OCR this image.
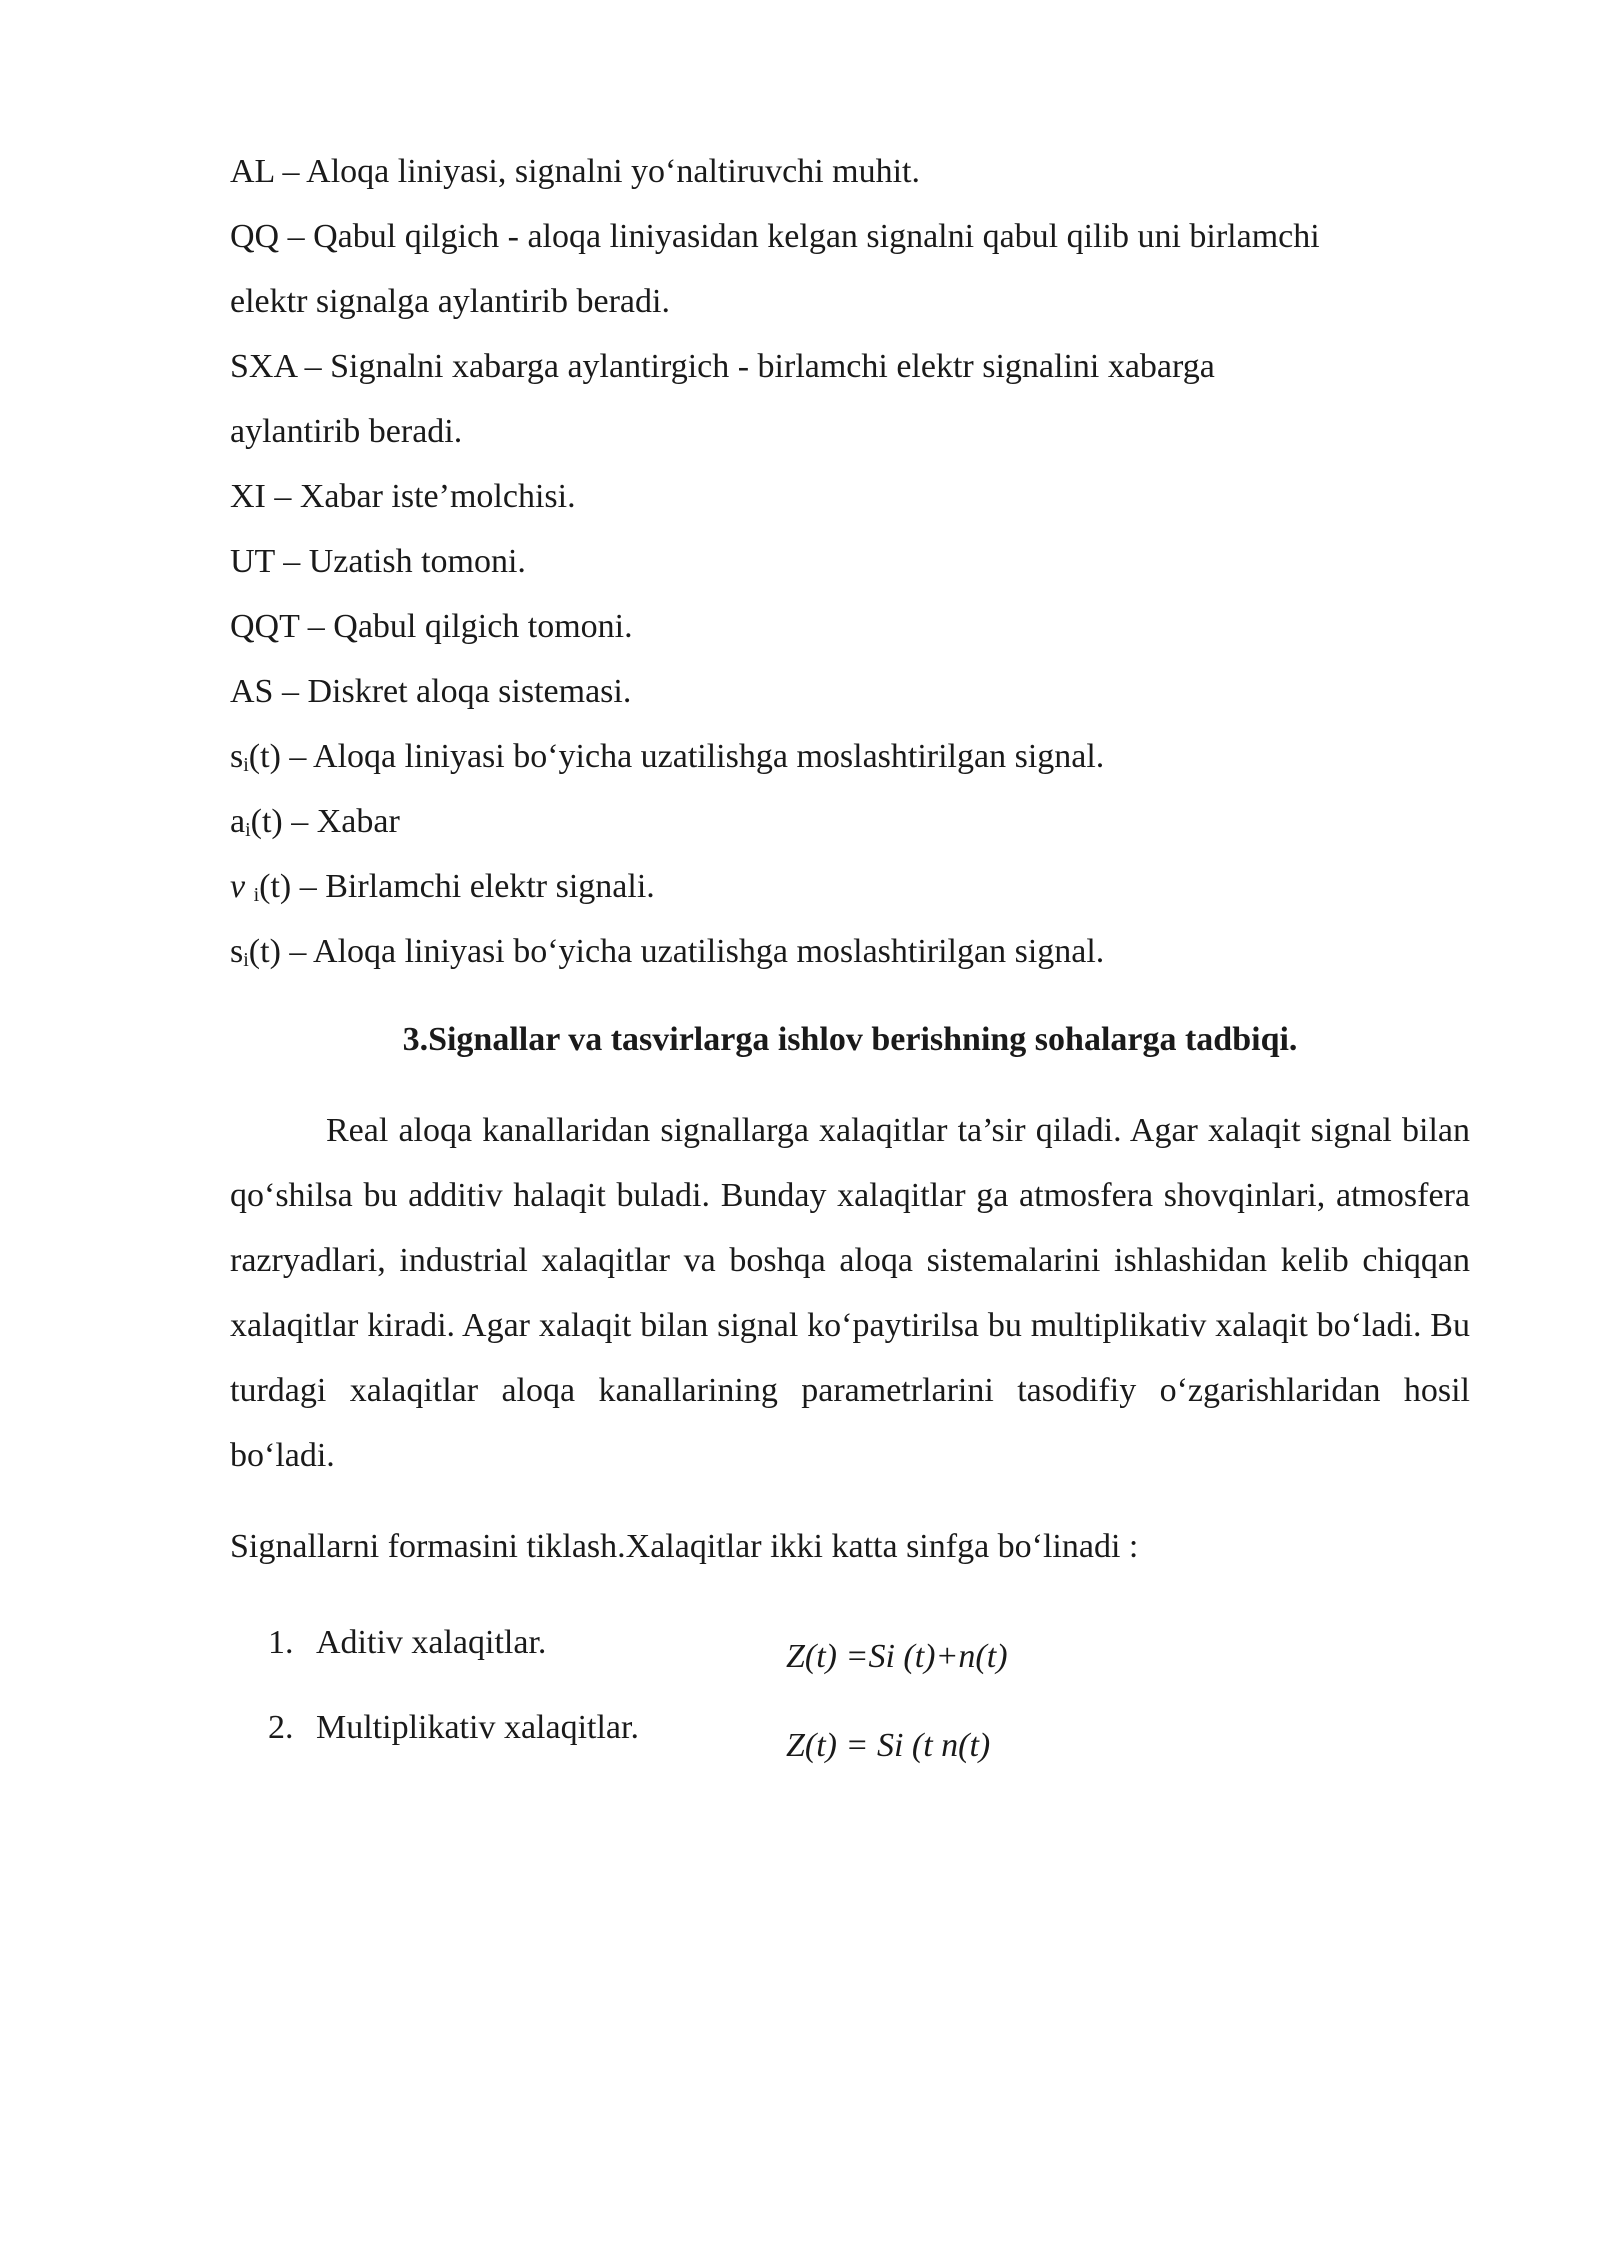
AL – Aloqa liniyasi, signalni yo‘naltiruvchi muhit.
QQ – Qabul qilgich - aloqa liniyasidan kelgan signalni qabul qilib uni birlamchi
elektr signalga aylantirib beradi.
SXA – Signalni xabarga aylantirgich - birlamchi elektr signalini xabarga
aylantirib beradi.
XI – Xabar iste’molchisi.
UT – Uzatish tomoni.
QQT – Qabul qilgich tomoni.
AS – Diskret aloqa sistemasi.
$s_i(t)$ – Aloqa liniyasi bo‘yicha uzatilishga moslashtirilgan signal.
$a_i(t)$ – Xabar
v $_i$(t) – Birlamchi elektr signali.
$s_i(t)$ – Aloqa liniyasi bo‘yicha uzatilishga moslashtirilgan signal.
3.Signallar va tasvirlarga ishlov berishning sohalarga tadbiqi.
Real aloqa kanallaridan signallarga xalaqitlar ta’sir qiladi. Agar xalaqit signal bilan qo‘shilsa bu additiv halaqit buladi. Bunday xalaqitlar ga atmosfera shovqinlari, atmosfera razryadlari, industrial xalaqitlar va boshqa aloqa sistemalarini ishlashidan kelib chiqqan xalaqitlar kiradi. Agar xalaqit bilan signal ko‘paytirilsa bu multiplikativ xalaqit bo‘ladi. Bu turdagi xalaqitlar aloqa kanallarining parametrlarini tasodifiy o‘zgarishlaridan hosil bo‘ladi.
Signallarni formasini tiklash.Xalaqitlar ikki katta sinfga bo‘linadi :
1. Aditiv xalaqitlar.	Z(t) =Si (t)+n(t)
2. Multiplikativ xalaqitlar.	Z(t) = Si (t n(t)
